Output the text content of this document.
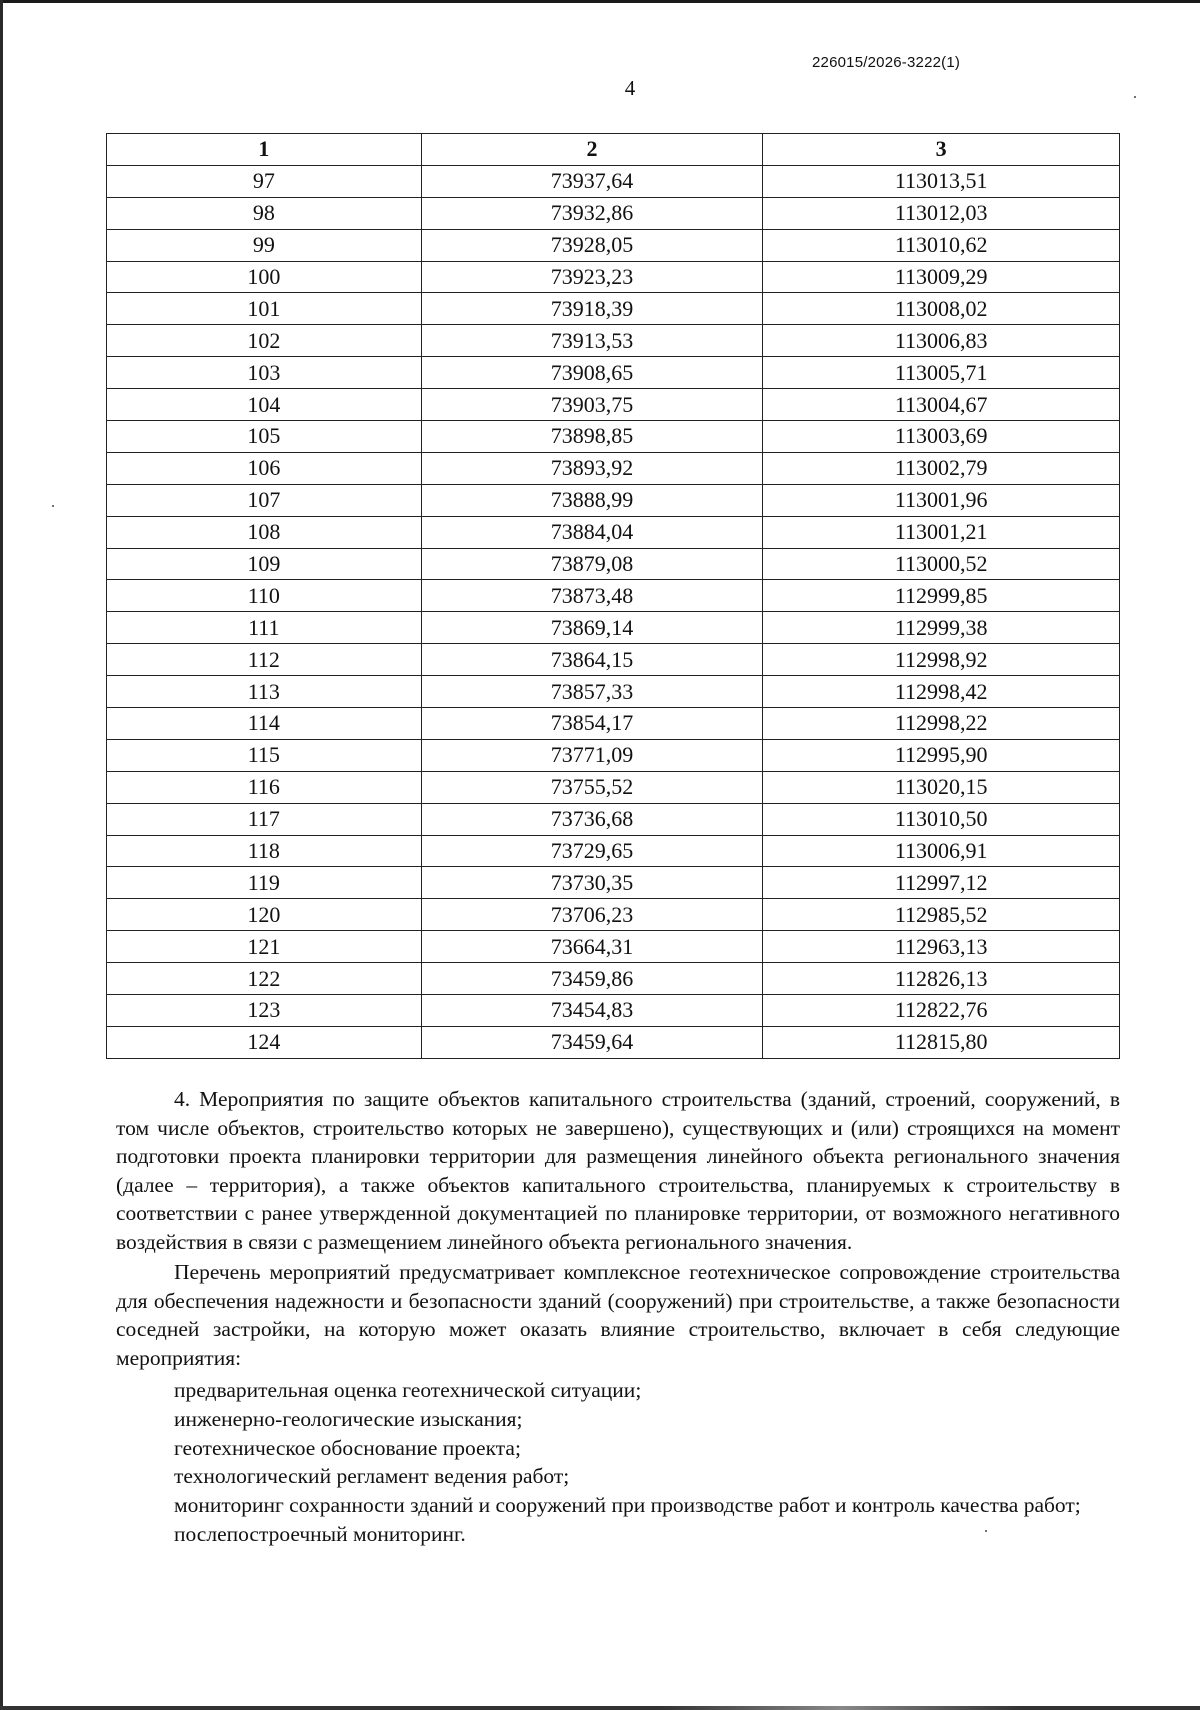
226015/2026-3222(1)
4
1	2	3
97	73937,64	113013,51
98	73932,86	113012,03
99	73928,05	113010,62
100	73923,23	113009,29
101	73918,39	113008,02
102	73913,53	113006,83
103	73908,65	113005,71
104	73903,75	113004,67
105	73898,85	113003,69
106	73893,92	113002,79
107	73888,99	113001,96
108	73884,04	113001,21
109	73879,08	113000,52
110	73873,48	112999,85
111	73869,14	112999,38
112	73864,15	112998,92
113	73857,33	112998,42
114	73854,17	112998,22
115	73771,09	112995,90
116	73755,52	113020,15
117	73736,68	113010,50
118	73729,65	113006,91
119	73730,35	112997,12
120	73706,23	112985,52
121	73664,31	112963,13
122	73459,86	112826,13
123	73454,83	112822,76
124	73459,64	112815,80

4. Мероприятия по защите объектов капитального строительства (зданий, строений, сооружений, в том числе объектов, строительство которых не завершено), существующих и (или) строящихся на момент подготовки проекта планировки территории для размещения линейного объекта регионального значения (далее – территория), а также объектов капитального строительства, планируемых к строительству в соответствии с ранее утвержденной документацией по планировке территории, от возможного негативного воздействия в связи с размещением линейного объекта регионального значения.

Перечень мероприятий предусматривает комплексное геотехническое сопровождение строительства для обеспечения надежности и безопасности зданий (сооружений) при строительстве, а также безопасности соседней застройки, на которую может оказать влияние строительство, включает в себя следующие мероприятия:

предварительная оценка геотехнической ситуации;
инженерно-геологические изыскания;
геотехническое обоснование проекта;
технологический регламент ведения работ;
мониторинг сохранности зданий и сооружений при производстве работ и контроль качества работ;
послепостроечный мониторинг.
